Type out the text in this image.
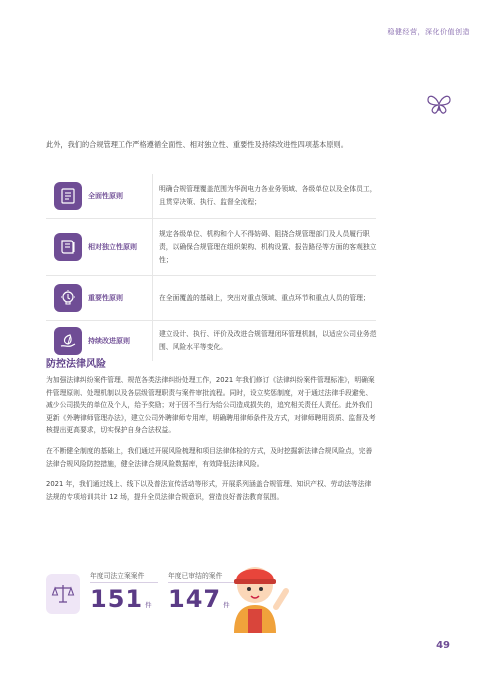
稳健经营，深化价值创造
此外，我们的合规管理工作严格遵循全面性、相对独立性、重要性及持续改进性四项基本原则。
全面性原则
明确合规管理覆盖范围为华润电力各业务领域、各级单位以及全体员工，且贯穿决策、执行、监督全流程；
相对独立性原则
规定各级单位、机构和个人不得妨碍、阻挠合规管理部门及人员履行职责，以确保合规管理在组织架构、机构设置、报告路径等方面的客观独立性；
重要性原则	在全面覆盖的基础上，突出对重点领域、重点环节和重点人员的管理；
持续改进原则
建立设计、执行、评价及改进合规管理闭环管理机制，以适应公司业务范围、风险水平等变化。
防控法律风险

为加强法律纠纷案件管理、规范各类法律纠纷处理工作，2021 年我们修订《法律纠纷案件管理标准》，明确案件管理原则、处理机制以及各层级管理职责与案件审批流程。同时，设立奖惩制度，对于通过法律手段避免、减少公司损失的单位及个人，给予奖励；对于因不当行为给公司造成损失的，追究相关责任人责任。此外我们更新《外聘律师管理办法》，建立公司外聘律师专用库，明确聘用律师条件及方式，对律师聘用资质、监督及考核提出更高要求，切实保护自身合法权益。

在不断健全制度的基础上，我们通过开展风险梳理和项目法律体检的方式，及时挖掘新法律合规风险点，完善法律合规风险防控措施，健全法律合规风险数据库，有效降低法律风险。

2021 年，我们通过线上、线下以及普法宣传活动等形式，开展系列涵盖合规管理、知识产权、劳动法等法律法规的专项培训共计 12 场，提升全员法律合规意识，营造良好普法教育氛围。

年度司法立案案件
151 件
年度已审结的案件
147 件
49
